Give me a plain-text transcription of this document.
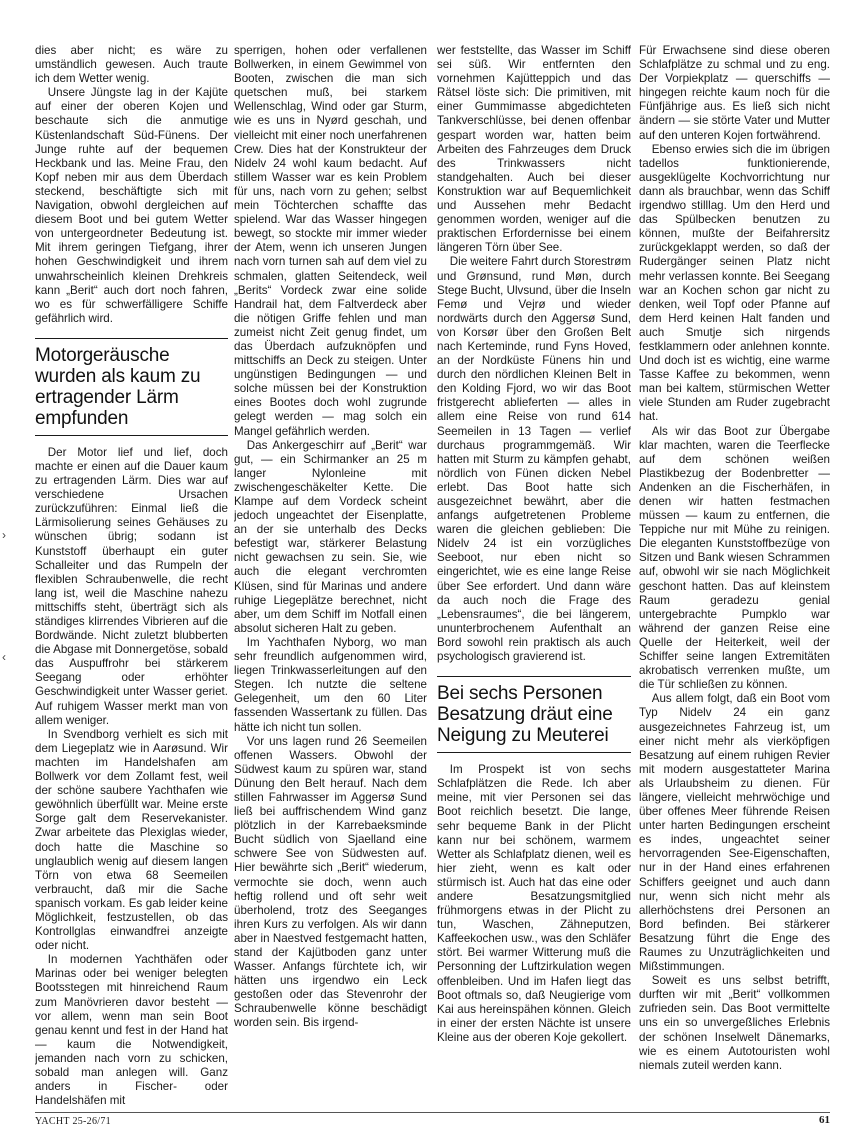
›
‹

dies aber nicht; es wäre zu umständlich gewesen. Auch traute ich dem Wetter wenig.

Unsere Jüngste lag in der Kajüte auf einer der oberen Kojen und beschaute sich die anmutige Küstenlandschaft Süd-Fünens. Der Junge ruhte auf der bequemen Heckbank und las. Meine Frau, den Kopf neben mir aus dem Überdach steckend, beschäftigte sich mit Navigation, obwohl dergleichen auf diesem Boot und bei gutem Wetter von untergeordneter Bedeutung ist. Mit ihrem geringen Tiefgang, ihrer hohen Geschwindigkeit und ihrem unwahrscheinlich kleinen Drehkreis kann „Berit“ auch dort noch fahren, wo es für schwerfälligere Schiffe gefährlich wird.

Motorgeräusche wurden als kaum zu ertragender Lärm empfunden

Der Motor lief und lief, doch machte er einen auf die Dauer kaum zu ertragenden Lärm. Dies war auf verschiedene Ursachen zurückzuführen: Einmal ließ die Lärmisolierung seines Gehäuses zu wünschen übrig; sodann ist Kunststoff überhaupt ein guter Schalleiter und das Rumpeln der flexiblen Schraubenwelle, die recht lang ist, weil die Maschine nahezu mittschiffs steht, überträgt sich als ständiges klirrendes Vibrieren auf die Bordwände. Nicht zuletzt blubberten die Abgase mit Donnergetöse, sobald das Auspuffrohr bei stärkerem Seegang oder erhöhter Geschwindigkeit unter Wasser geriet. Auf ruhigem Wasser merkt man von allem weniger.

In Svendborg verhielt es sich mit dem Liegeplatz wie in Aarøsund. Wir machten im Handelshafen am Bollwerk vor dem Zollamt fest, weil der schöne saubere Yachthafen wie gewöhnlich überfüllt war. Meine erste Sorge galt dem Reservekanister. Zwar arbeitete das Plexiglas wieder, doch hatte die Maschine so unglaublich wenig auf diesem langen Törn von etwa 68 Seemeilen verbraucht, daß mir die Sache spanisch vorkam. Es gab leider keine Möglichkeit, festzustellen, ob das Kontrollglas einwandfrei anzeigte oder nicht.

In modernen Yachthäfen oder Marinas oder bei weniger belegten Bootsstegen mit hinreichend Raum zum Manövrieren davor besteht — vor allem, wenn man sein Boot genau kennt und fest in der Hand hat — kaum die Notwendigkeit, jemanden nach vorn zu schicken, sobald man anlegen will. Ganz anders in Fischer- oder Handelshäfen mit

sperrigen, hohen oder verfallenen Bollwerken, in einem Gewimmel von Booten, zwischen die man sich quetschen muß, bei starkem Wellenschlag, Wind oder gar Sturm, wie es uns in Nyørd geschah, und vielleicht mit einer noch unerfahrenen Crew. Dies hat der Konstrukteur der Nidelv 24 wohl kaum bedacht. Auf stillem Wasser war es kein Problem für uns, nach vorn zu gehen; selbst mein Töchterchen schaffte das spielend. War das Wasser hingegen bewegt, so stockte mir immer wieder der Atem, wenn ich unseren Jungen nach vorn turnen sah auf dem viel zu schmalen, glatten Seitendeck, weil „Berits“ Vordeck zwar eine solide Handrail hat, dem Faltverdeck aber die nötigen Griffe fehlen und man zumeist nicht Zeit genug findet, um das Überdach aufzuknöpfen und mittschiffs an Deck zu steigen. Unter ungünstigen Bedingungen — und solche müssen bei der Konstruktion eines Bootes doch wohl zugrunde gelegt werden — mag solch ein Mangel gefährlich werden.

Das Ankergeschirr auf „Berit“ war gut, — ein Schirmanker an 25 m langer Nylonleine mit zwischengeschäkelter Kette. Die Klampe auf dem Vordeck scheint jedoch ungeachtet der Eisenplatte, an der sie unterhalb des Decks befestigt war, stärkerer Belastung nicht gewachsen zu sein. Sie, wie auch die elegant verchromten Klüsen, sind für Marinas und andere ruhige Liegeplätze berechnet, nicht aber, um dem Schiff im Notfall einen absolut sicheren Halt zu geben.

Im Yachthafen Nyborg, wo man sehr freundlich aufgenommen wird, liegen Trinkwasserleitungen auf den Stegen. Ich nutzte die seltene Gelegenheit, um den 60 Liter fassenden Wassertank zu füllen. Das hätte ich nicht tun sollen.

Vor uns lagen rund 26 Seemeilen offenen Wassers. Obwohl der Südwest kaum zu spüren war, stand Dünung den Belt herauf. Nach dem stillen Fahrwasser im Aggersø Sund ließ bei auffrischendem Wind ganz plötzlich in der Karrebaeksminde Bucht südlich von Sjaelland eine schwere See von Südwesten auf. Hier bewährte sich „Berit“ wiederum, vermochte sie doch, wenn auch heftig rollend und oft sehr weit überholend, trotz des Seeganges ihren Kurs zu verfolgen. Als wir dann aber in Naestved festgemacht hatten, stand der Kajütboden ganz unter Wasser. Anfangs fürchtete ich, wir hätten uns irgendwo ein Leck gestoßen oder das Stevenrohr der Schraubenwelle könne beschädigt worden sein. Bis irgend-

wer feststellte, das Wasser im Schiff sei süß. Wir entfernten den vornehmen Kajütteppich und das Rätsel löste sich: Die primitiven, mit einer Gummimasse abgedichteten Tankverschlüsse, bei denen offenbar gespart worden war, hatten beim Arbeiten des Fahrzeuges dem Druck des Trinkwassers nicht standgehalten. Auch bei dieser Konstruktion war auf Bequemlichkeit und Aussehen mehr Bedacht genommen worden, weniger auf die praktischen Erfordernisse bei einem längeren Törn über See.

Die weitere Fahrt durch Storestrøm und Grønsund, rund Møn, durch Stege Bucht, Ulvsund, über die Inseln Femø und Vejrø und wieder nordwärts durch den Aggersø Sund, von Korsør über den Großen Belt nach Kerteminde, rund Fyns Hoved, an der Nordküste Fünens hin und durch den nördlichen Kleinen Belt in den Kolding Fjord, wo wir das Boot fristgerecht ablieferten — alles in allem eine Reise von rund 614 Seemeilen in 13 Tagen — verlief durchaus programmgemäß. Wir hatten mit Sturm zu kämpfen gehabt, nördlich von Fünen dicken Nebel erlebt. Das Boot hatte sich ausgezeichnet bewährt, aber die anfangs aufgetretenen Probleme waren die gleichen geblieben: Die Nidelv 24 ist ein vorzügliches Seeboot, nur eben nicht so eingerichtet, wie es eine lange Reise über See erfordert. Und dann wäre da auch noch die Frage des „Lebensraumes“, die bei längerem, ununterbrochenem Aufenthalt an Bord sowohl rein praktisch als auch psychologisch gravierend ist.

Bei sechs Personen Besatzung dräut eine Neigung zu Meuterei

Im Prospekt ist von sechs Schlafplätzen die Rede. Ich aber meine, mit vier Personen sei das Boot reichlich besetzt. Die lange, sehr bequeme Bank in der Plicht kann nur bei schönem, warmem Wetter als Schlafplatz dienen, weil es hier zieht, wenn es kalt oder stürmisch ist. Auch hat das eine oder andere Besatzungsmitglied frühmorgens etwas in der Plicht zu tun, Waschen, Zähneputzen, Kaffeekochen usw., was den Schläfer stört. Bei warmer Witterung muß die Personning der Luftzirkulation wegen offenbleiben. Und im Hafen liegt das Boot oftmals so, daß Neugierige vom Kai aus hereinspähen können. Gleich in einer der ersten Nächte ist unsere Kleine aus der oberen Koje gekollert.

Für Erwachsene sind diese oberen Schlafplätze zu schmal und zu eng. Der Vorpiekplatz — querschiffs — hingegen reichte kaum noch für die Fünfjährige aus. Es ließ sich nicht ändern — sie störte Vater und Mutter auf den unteren Kojen fortwährend.

Ebenso erwies sich die im übrigen tadellos funktionierende, ausgeklügelte Kochvorrichtung nur dann als brauchbar, wenn das Schiff irgendwo stilllag. Um den Herd und das Spülbecken benutzen zu können, mußte der Beifahrersitz zurückgeklappt werden, so daß der Rudergänger seinen Platz nicht mehr verlassen konnte. Bei Seegang war an Kochen schon gar nicht zu denken, weil Topf oder Pfanne auf dem Herd keinen Halt fanden und auch Smutje sich nirgends festklammern oder anlehnen konnte. Und doch ist es wichtig, eine warme Tasse Kaffee zu bekommen, wenn man bei kaltem, stürmischen Wetter viele Stunden am Ruder zugebracht hat.

Als wir das Boot zur Übergabe klar machten, waren die Teerflecke auf dem schönen weißen Plastikbezug der Bodenbretter — Andenken an die Fischerhäfen, in denen wir hatten festmachen müssen — kaum zu entfernen, die Teppiche nur mit Mühe zu reinigen. Die eleganten Kunststoffbezüge von Sitzen und Bank wiesen Schrammen auf, obwohl wir sie nach Möglichkeit geschont hatten. Das auf kleinstem Raum geradezu genial untergebrachte Pumpklo war während der ganzen Reise eine Quelle der Heiterkeit, weil der Schiffer seine langen Extremitäten akrobatisch verrenken mußte, um die Tür schließen zu können.

Aus allem folgt, daß ein Boot vom Typ Nidelv 24 ein ganz ausgezeichnetes Fahrzeug ist, um einer nicht mehr als vierköpfigen Besatzung auf einem ruhigen Revier mit modern ausgestatteter Marina als Urlaubsheim zu dienen. Für längere, vielleicht mehrwöchige und über offenes Meer führende Reisen unter harten Bedingungen erscheint es indes, ungeachtet seiner hervorragenden See-Eigenschaften, nur in der Hand eines erfahrenen Schiffers geeignet und auch dann nur, wenn sich nicht mehr als allerhöchstens drei Personen an Bord befinden. Bei stärkerer Besatzung führt die Enge des Raumes zu Unzuträglichkeiten und Mißstimmungen.

Soweit es uns selbst betrifft, durften wir mit „Berit“ vollkommen zufrieden sein. Das Boot vermittelte uns ein so unvergeßliches Erlebnis der schönen Inselwelt Dänemarks, wie es einem Autotouristen wohl niemals zuteil werden kann.

YACHT 25-26/71	61
